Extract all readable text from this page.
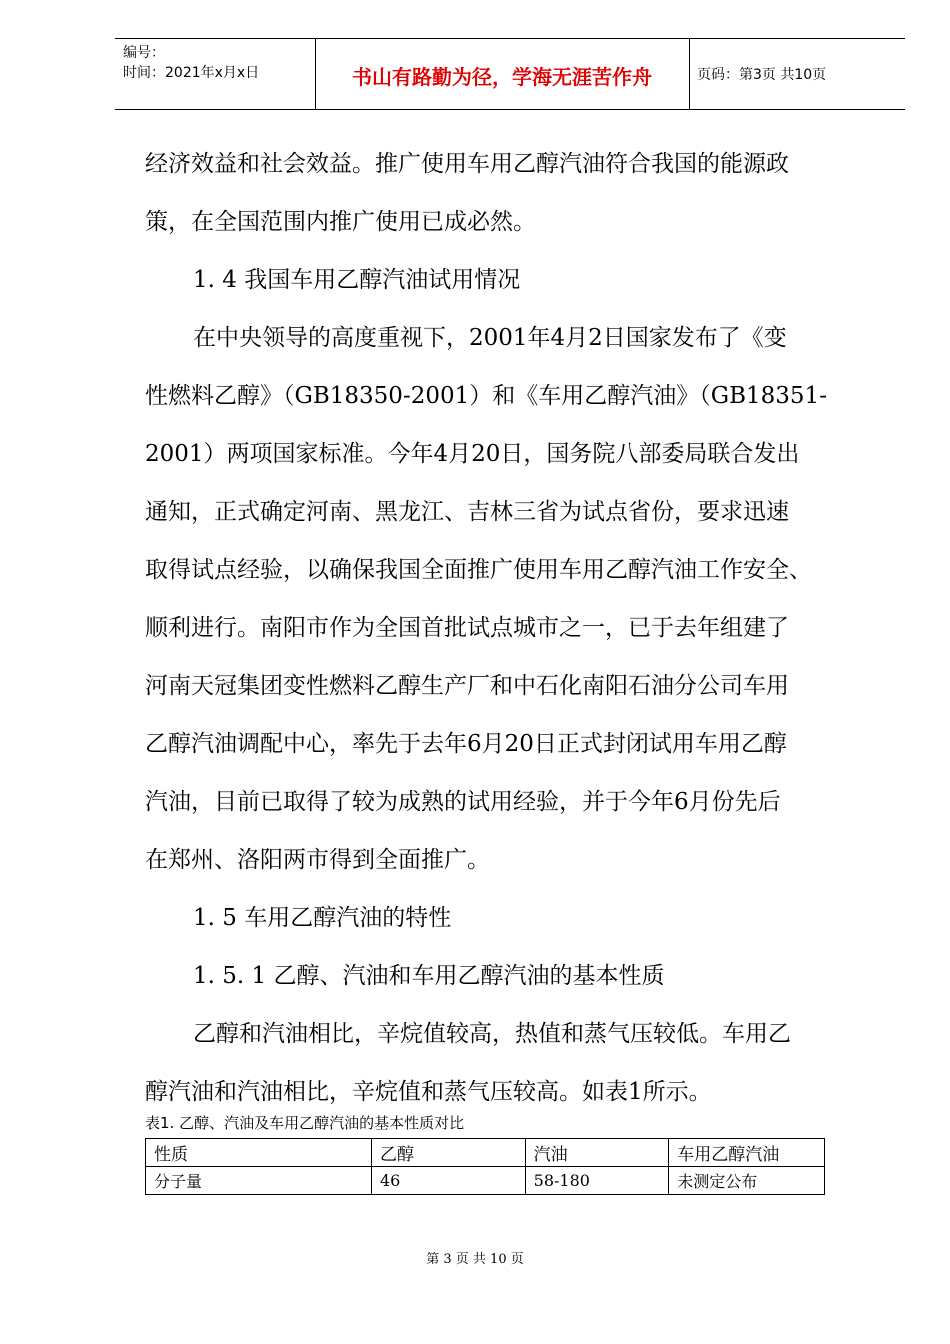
编号：
时间：2021年x月x日	书山有路勤为径，学海无涯苦作舟	页码：第3页 共10页

经济效益和社会效益。推广使用车用乙醇汽油符合我国的能源政

策，在全国范围内推广使用已成必然。

1. 4 我国车用乙醇汽油试用情况

在中央领导的高度重视下，2001年4月2日国家发布了《变

性燃料乙醇》（GB18350-2001）和《车用乙醇汽油》（GB18351-

2001）两项国家标准。今年4月20日，国务院八部委局联合发出

通知，正式确定河南、黑龙江、吉林三省为试点省份，要求迅速

取得试点经验，以确保我国全面推广使用车用乙醇汽油工作安全、

顺利进行。南阳市作为全国首批试点城市之一，已于去年组建了

河南天冠集团变性燃料乙醇生产厂和中石化南阳石油分公司车用

乙醇汽油调配中心，率先于去年6月20日正式封闭试用车用乙醇

汽油，目前已取得了较为成熟的试用经验，并于今年6月份先后

在郑州、洛阳两市得到全面推广。

1. 5 车用乙醇汽油的特性

1. 5. 1 乙醇、汽油和车用乙醇汽油的基本性质

乙醇和汽油相比，辛烷值较高，热值和蒸气压较低。车用乙

醇汽油和汽油相比，辛烷值和蒸气压较高。如表1所示。

表1. 乙醇、汽油及车用乙醇汽油的基本性质对比
性质	乙醇	汽油	车用乙醇汽油
分子量	46	58-180	未测定公布
第 3 页 共 10 页
